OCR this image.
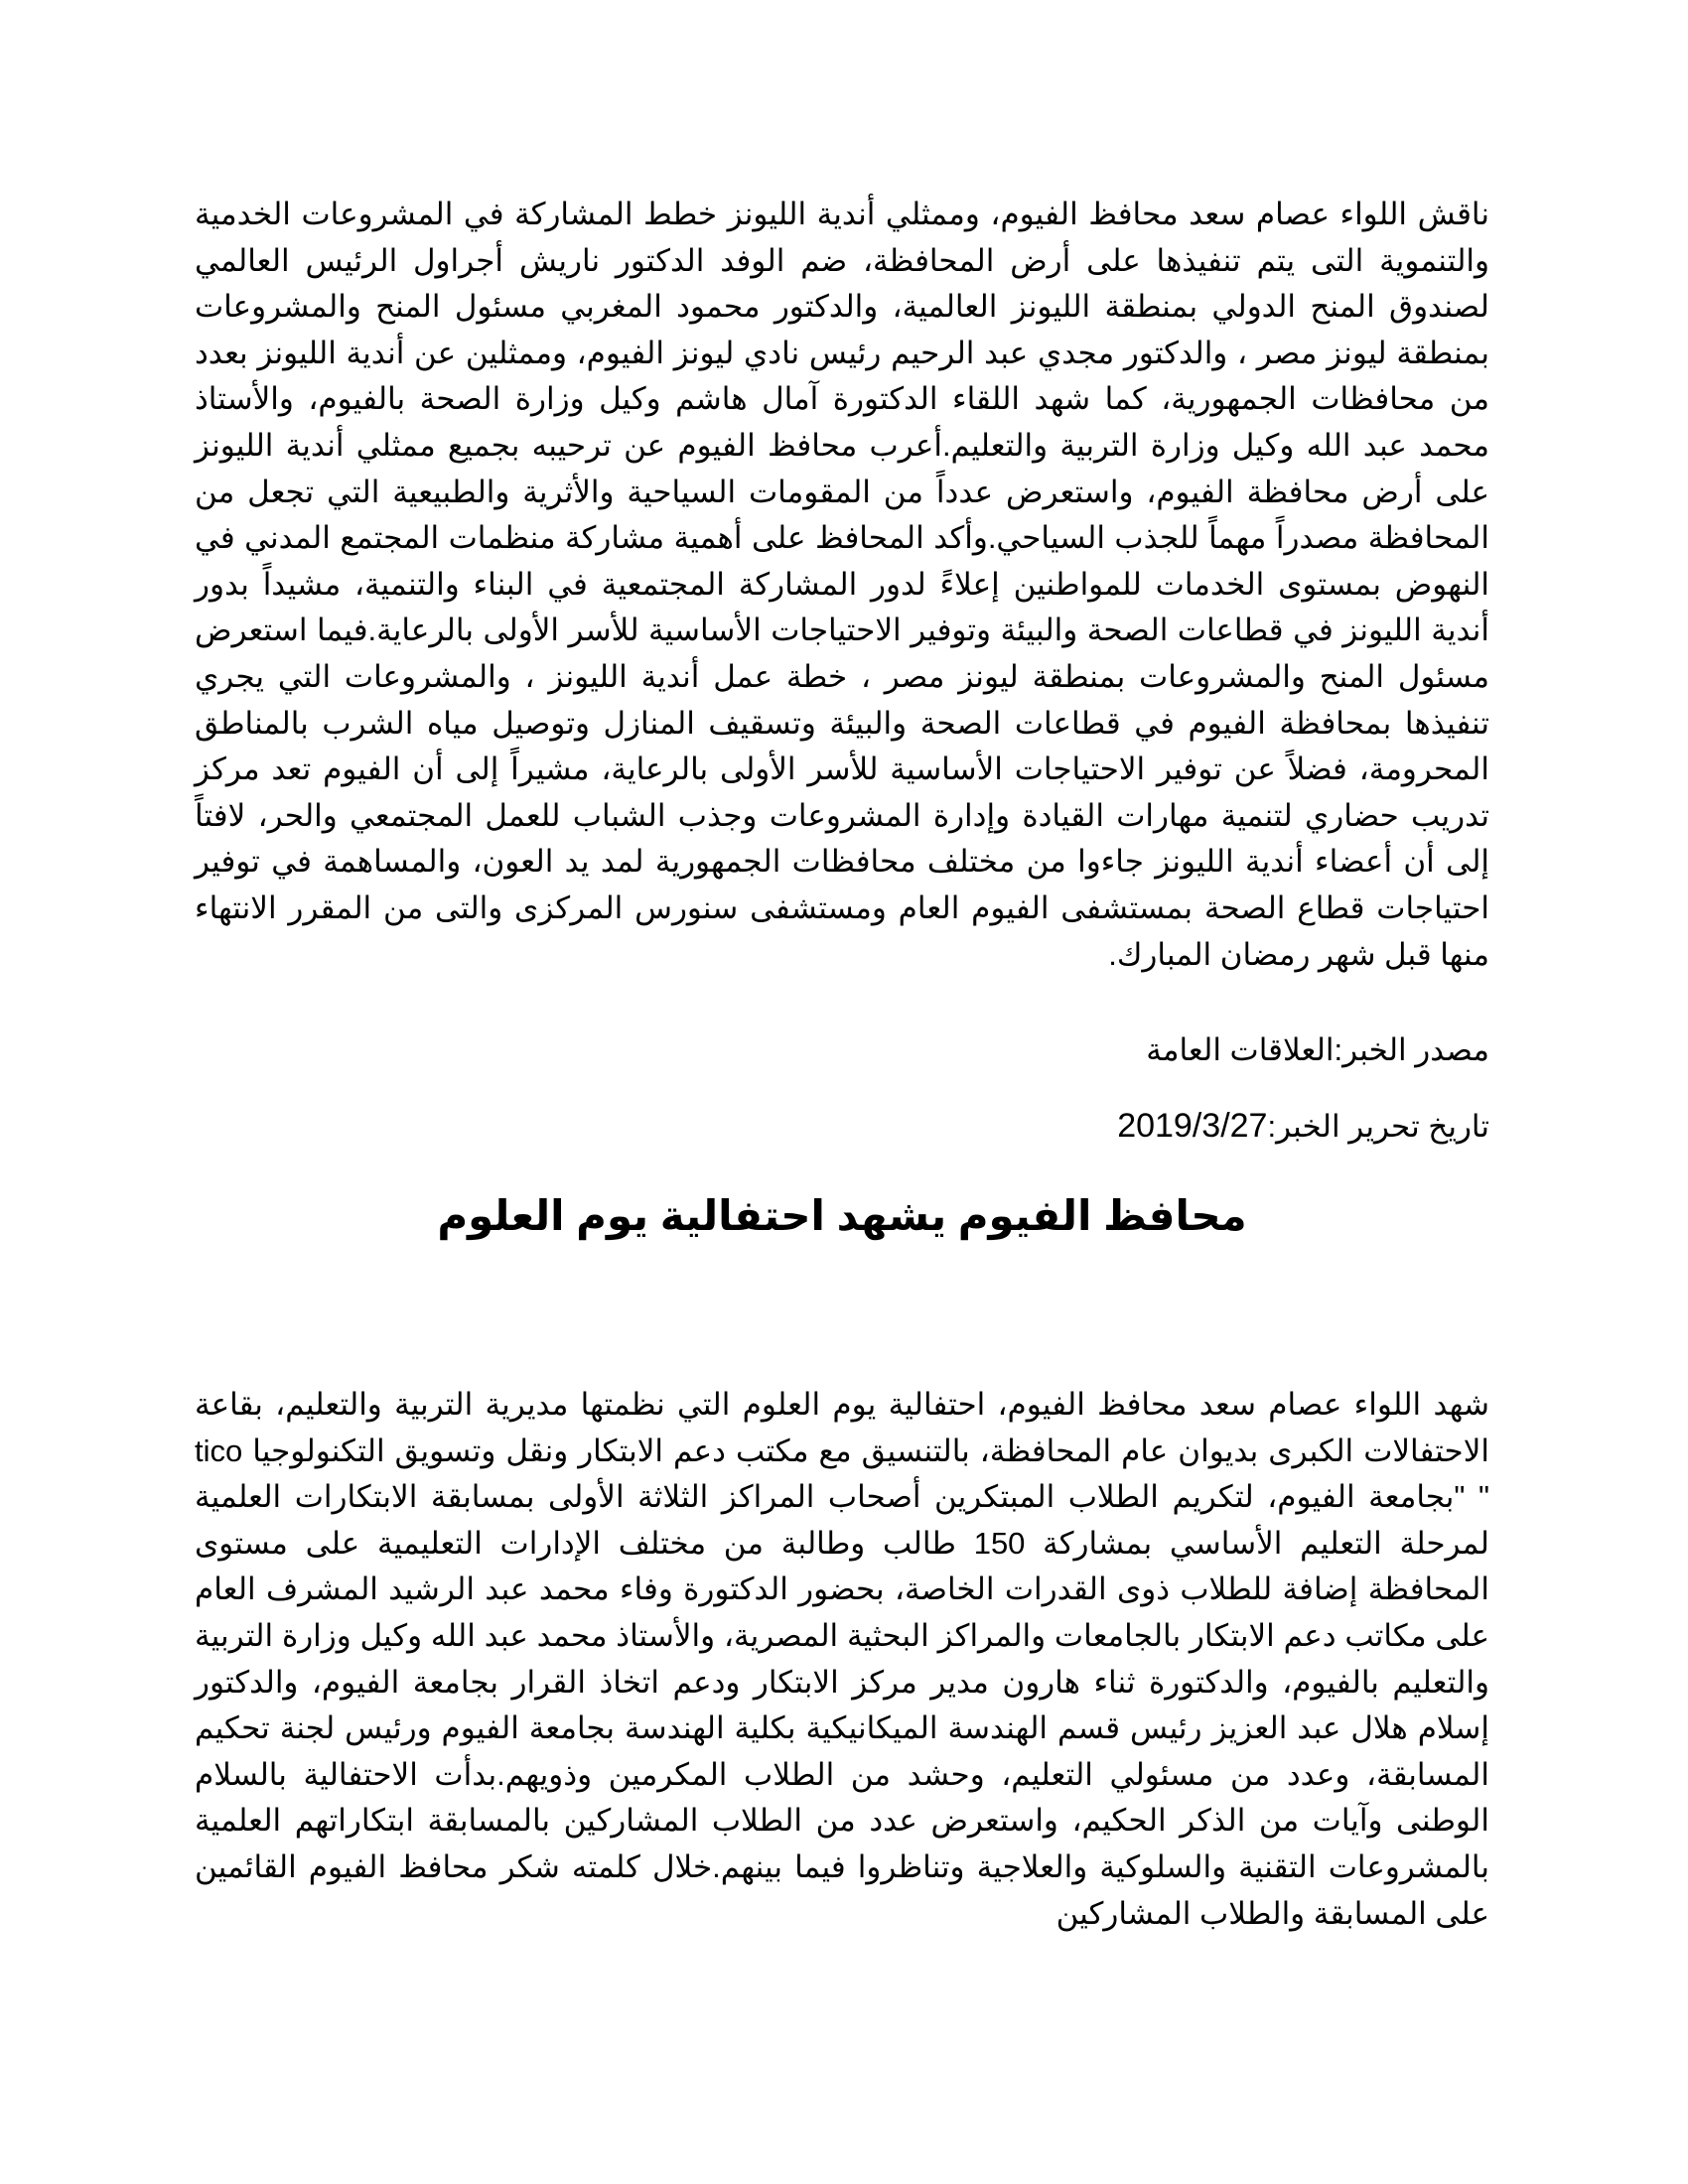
ناقش اللواء عصام سعد محافظ الفيوم، وممثلي أندية الليونز خطط المشاركة في المشروعات الخدمية والتنموية التى يتم تنفيذها على أرض المحافظة، ضم الوفد الدكتور ناريش أجراول الرئيس العالمي لصندوق المنح الدولي بمنطقة الليونز العالمية، والدكتور محمود المغربي مسئول المنح والمشروعات بمنطقة ليونز مصر ، والدكتور مجدي عبد الرحيم رئيس نادي ليونز الفيوم، وممثلين عن أندية الليونز بعدد من محافظات الجمهورية، كما شهد اللقاء الدكتورة آمال هاشم وكيل وزارة الصحة بالفيوم، والأستاذ محمد عبد الله وكيل وزارة التربية والتعليم.أعرب محافظ الفيوم عن ترحيبه بجميع ممثلي أندية الليونز على أرض محافظة الفيوم، واستعرض عدداً من المقومات السياحية والأثرية والطبيعية التي تجعل من المحافظة مصدراً مهماً للجذب السياحي.وأكد المحافظ على أهمية مشاركة منظمات المجتمع المدني في النهوض بمستوى الخدمات للمواطنين إعلاءً لدور المشاركة المجتمعية في البناء والتنمية، مشيداً بدور أندية الليونز في قطاعات الصحة والبيئة وتوفير الاحتياجات الأساسية للأسر الأولى بالرعاية.فيما استعرض مسئول المنح والمشروعات بمنطقة ليونز مصر ، خطة عمل أندية الليونز ، والمشروعات التي يجري تنفيذها بمحافظة الفيوم في قطاعات الصحة والبيئة وتسقيف المنازل وتوصيل مياه الشرب بالمناطق المحرومة، فضلاً عن توفير الاحتياجات الأساسية للأسر الأولى بالرعاية، مشيراً إلى أن الفيوم تعد مركز تدريب حضاري لتنمية مهارات القيادة وإدارة المشروعات وجذب الشباب للعمل المجتمعي والحر، لافتاً إلى أن أعضاء أندية الليونز جاءوا من مختلف محافظات الجمهورية لمد يد العون، والمساهمة في توفير احتياجات قطاع الصحة بمستشفى الفيوم العام ومستشفى سنورس المركزى والتى من المقرر الانتهاء منها قبل شهر رمضان المبارك.

مصدر الخبر:العلاقات العامة

تاريخ تحرير الخبر:2019/3/27

محافظ الفيوم يشهد احتفالية يوم العلوم

شهد اللواء عصام سعد محافظ الفيوم، احتفالية يوم العلوم التي نظمتها مديرية التربية والتعليم، بقاعة الاحتفالات الكبرى بديوان عام المحافظة، بالتنسيق مع مكتب دعم الابتكار ونقل وتسويق التكنولوجيا tico " "بجامعة الفيوم، لتكريم الطلاب المبتكرين أصحاب المراكز الثلاثة الأولى بمسابقة الابتكارات العلمية لمرحلة التعليم الأساسي بمشاركة 150 طالب وطالبة من مختلف الإدارات التعليمية على مستوى المحافظة إضافة للطلاب ذوى القدرات الخاصة، بحضور الدكتورة وفاء محمد عبد الرشيد المشرف العام على مكاتب دعم الابتكار بالجامعات والمراكز البحثية المصرية، والأستاذ محمد عبد الله وكيل وزارة التربية والتعليم بالفيوم، والدكتورة ثناء هارون مدير مركز الابتكار ودعم اتخاذ القرار بجامعة الفيوم، والدكتور إسلام هلال عبد العزيز رئيس قسم الهندسة الميكانيكية بكلية الهندسة بجامعة الفيوم ورئيس لجنة تحكيم المسابقة، وعدد من مسئولي التعليم، وحشد من الطلاب المكرمين وذويهم.بدأت الاحتفالية بالسلام الوطنى وآيات من الذكر الحكيم، واستعرض عدد من الطلاب المشاركين بالمسابقة ابتكاراتهم العلمية بالمشروعات التقنية والسلوكية والعلاجية وتناظروا فيما بينهم.خلال كلمته شكر محافظ الفيوم القائمين على المسابقة والطلاب المشاركين
